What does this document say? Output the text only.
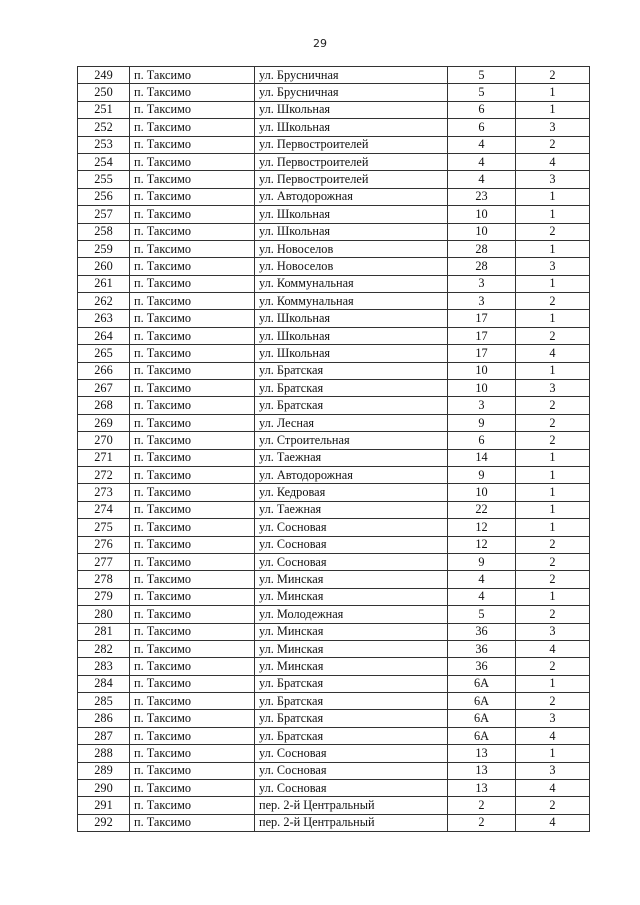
29
249	п. Таксимо	ул. Брусничная	5	2
250	п. Таксимо	ул. Брусничная	5	1
251	п. Таксимо	ул. Школьная	6	1
252	п. Таксимо	ул. Школьная	6	3
253	п. Таксимо	ул. Первостроителей	4	2
254	п. Таксимо	ул. Первостроителей	4	4
255	п. Таксимо	ул. Первостроителей	4	3
256	п. Таксимо	ул. Автодорожная	23	1
257	п. Таксимо	ул. Школьная	10	1
258	п. Таксимо	ул. Школьная	10	2
259	п. Таксимо	ул. Новоселов	28	1
260	п. Таксимо	ул. Новоселов	28	3
261	п. Таксимо	ул. Коммунальная	3	1
262	п. Таксимо	ул. Коммунальная	3	2
263	п. Таксимо	ул. Школьная	17	1
264	п. Таксимо	ул. Школьная	17	2
265	п. Таксимо	ул. Школьная	17	4
266	п. Таксимо	ул. Братская	10	1
267	п. Таксимо	ул. Братская	10	3
268	п. Таксимо	ул. Братская	3	2
269	п. Таксимо	ул. Лесная	9	2
270	п. Таксимо	ул. Строительная	6	2
271	п. Таксимо	ул. Таежная	14	1
272	п. Таксимо	ул. Автодорожная	9	1
273	п. Таксимо	ул. Кедровая	10	1
274	п. Таксимо	ул. Таежная	22	1
275	п. Таксимо	ул. Сосновая	12	1
276	п. Таксимо	ул. Сосновая	12	2
277	п. Таксимо	ул. Сосновая	9	2
278	п. Таксимо	ул. Минская	4	2
279	п. Таксимо	ул. Минская	4	1
280	п. Таксимо	ул. Молодежная	5	2
281	п. Таксимо	ул. Минская	36	3
282	п. Таксимо	ул. Минская	36	4
283	п. Таксимо	ул. Минская	36	2
284	п. Таксимо	ул. Братская	6А	1
285	п. Таксимо	ул. Братская	6А	2
286	п. Таксимо	ул. Братская	6А	3
287	п. Таксимо	ул. Братская	6А	4
288	п. Таксимо	ул. Сосновая	13	1
289	п. Таксимо	ул. Сосновая	13	3
290	п. Таксимо	ул. Сосновая	13	4
291	п. Таксимо	пер. 2-й Центральный	2	2
292	п. Таксимо	пер. 2-й Центральный	2	4
